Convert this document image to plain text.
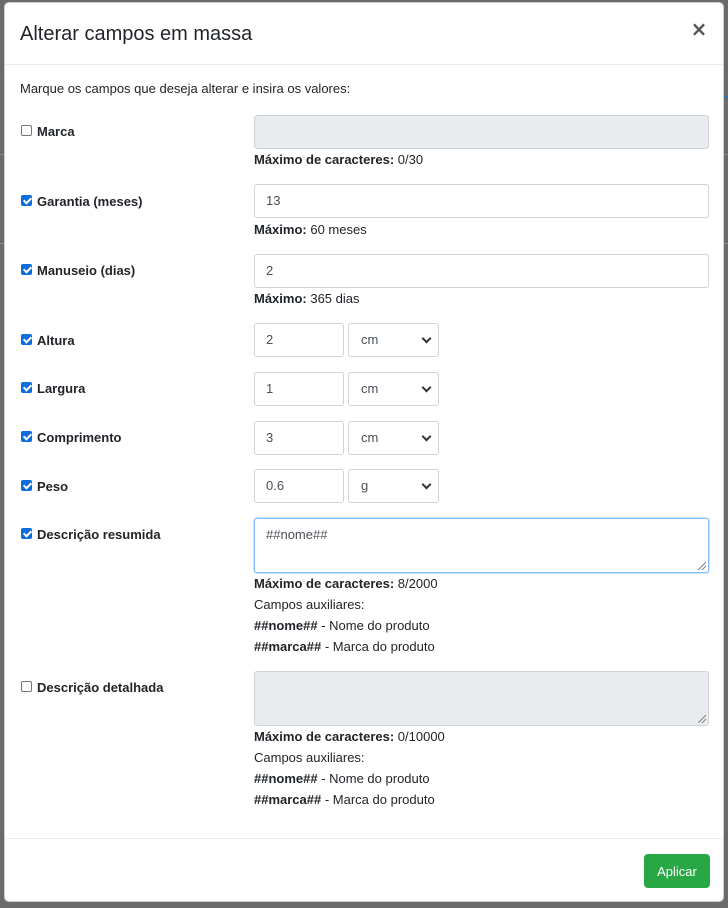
Alterar campos em massa	×
Marque os campos que deseja alterar e insira os valores:
Marca
Máximo de caracteres: 0/30
Garantia (meses)	13
Máximo: 60 meses
Manuseio (dias)	2
Máximo: 365 dias
Altura	2	cm
Largura	1	cm
Comprimento	3	cm
Peso	0.6	g
Descrição resumida	##nome##
Máximo de caracteres: 8/2000
Campos auxiliares:
##nome## - Nome do produto
##marca## - Marca do produto
Descrição detalhada
Máximo de caracteres: 0/10000
Campos auxiliares:
##nome## - Nome do produto
##marca## - Marca do produto
Aplicar
